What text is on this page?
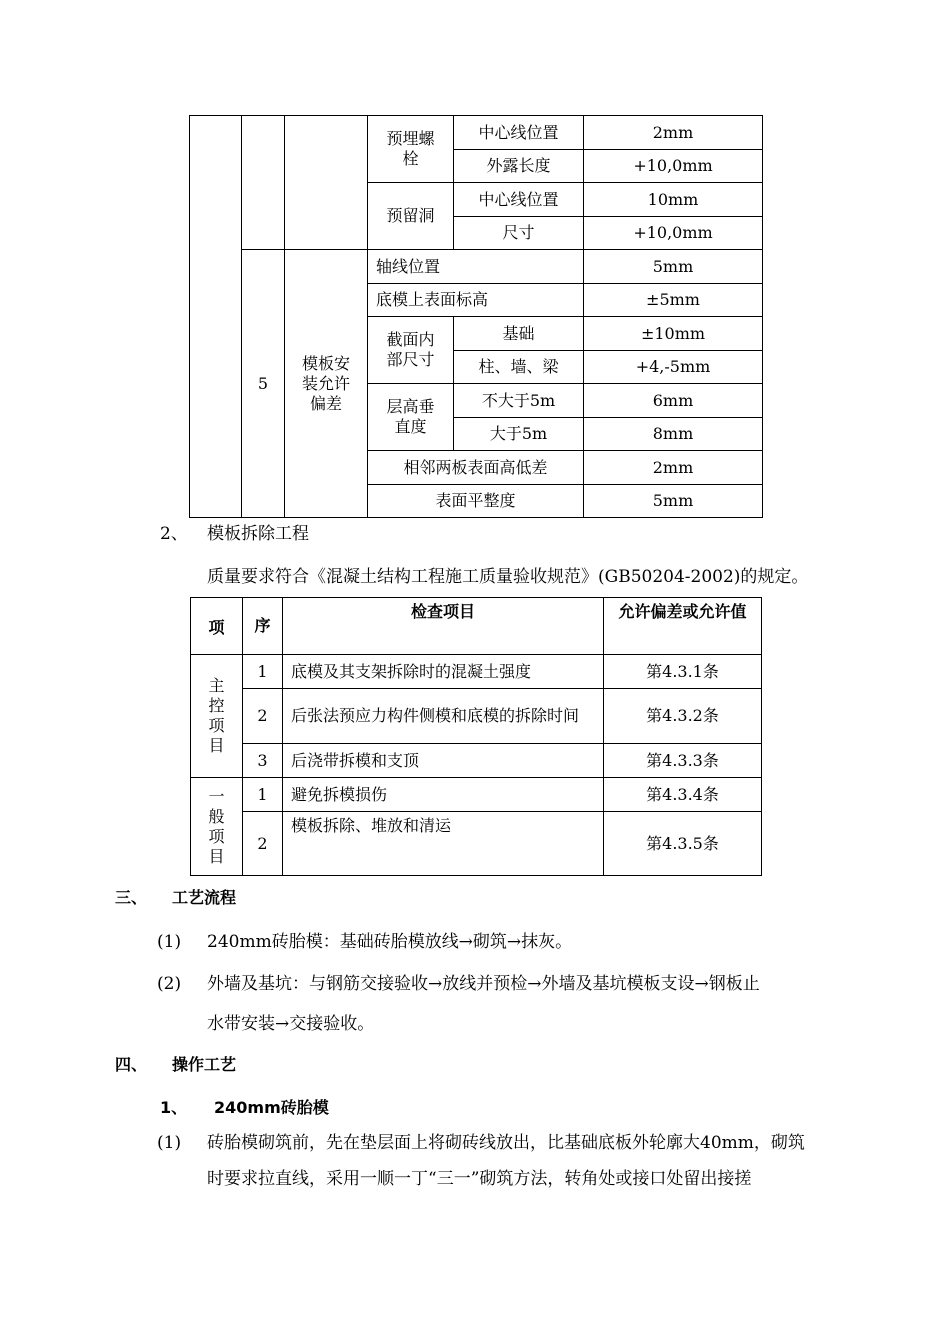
			预埋螺栓	中心线位置	2mm
				外露长度	+10,0mm
			预留洞	中心线位置	10mm
				尺寸	+10,0mm
	5	模板安装允许偏差	轴线位置		5mm
			底模上表面标高		±5mm
			截面内部尺寸	基础	±10mm
				柱、墙、梁	+4,-5mm
			层高垂直度	不大于5m	6mm
				大于5m	8mm
			相邻两板表面高低差		2mm
			表面平整度		5mm
2、 模板拆除工程
质量要求符合《混凝土结构工程施工质量验收规范》(GB50204-2002)的规定。
项	序	检查项目	允许偏差或允许值
主控项目	1	底模及其支架拆除时的混凝土强度	第4.3.1条
	2	后张法预应力构件侧模和底模的拆除时间	第4.3.2条
	3	后浇带拆模和支顶	第4.3.3条
一般项目	1	避免拆模损伤	第4.3.4条
	2	模板拆除、堆放和清运	第4.3.5条
三、 工艺流程
(1) 240mm砖胎模：基础砖胎模放线→砌筑→抹灰。
(2) 外墙及基坑：与钢筋交接验收→放线并预检→外墙及基坑模板支设→钢板止
水带安装→交接验收。
四、 操作工艺
1、 240mm砖胎模
(1) 砖胎模砌筑前，先在垫层面上将砌砖线放出，比基础底板外轮廓大40mm，砌筑
时要求拉直线，采用一顺一丁“三一”砌筑方法，转角处或接口处留出接搓
